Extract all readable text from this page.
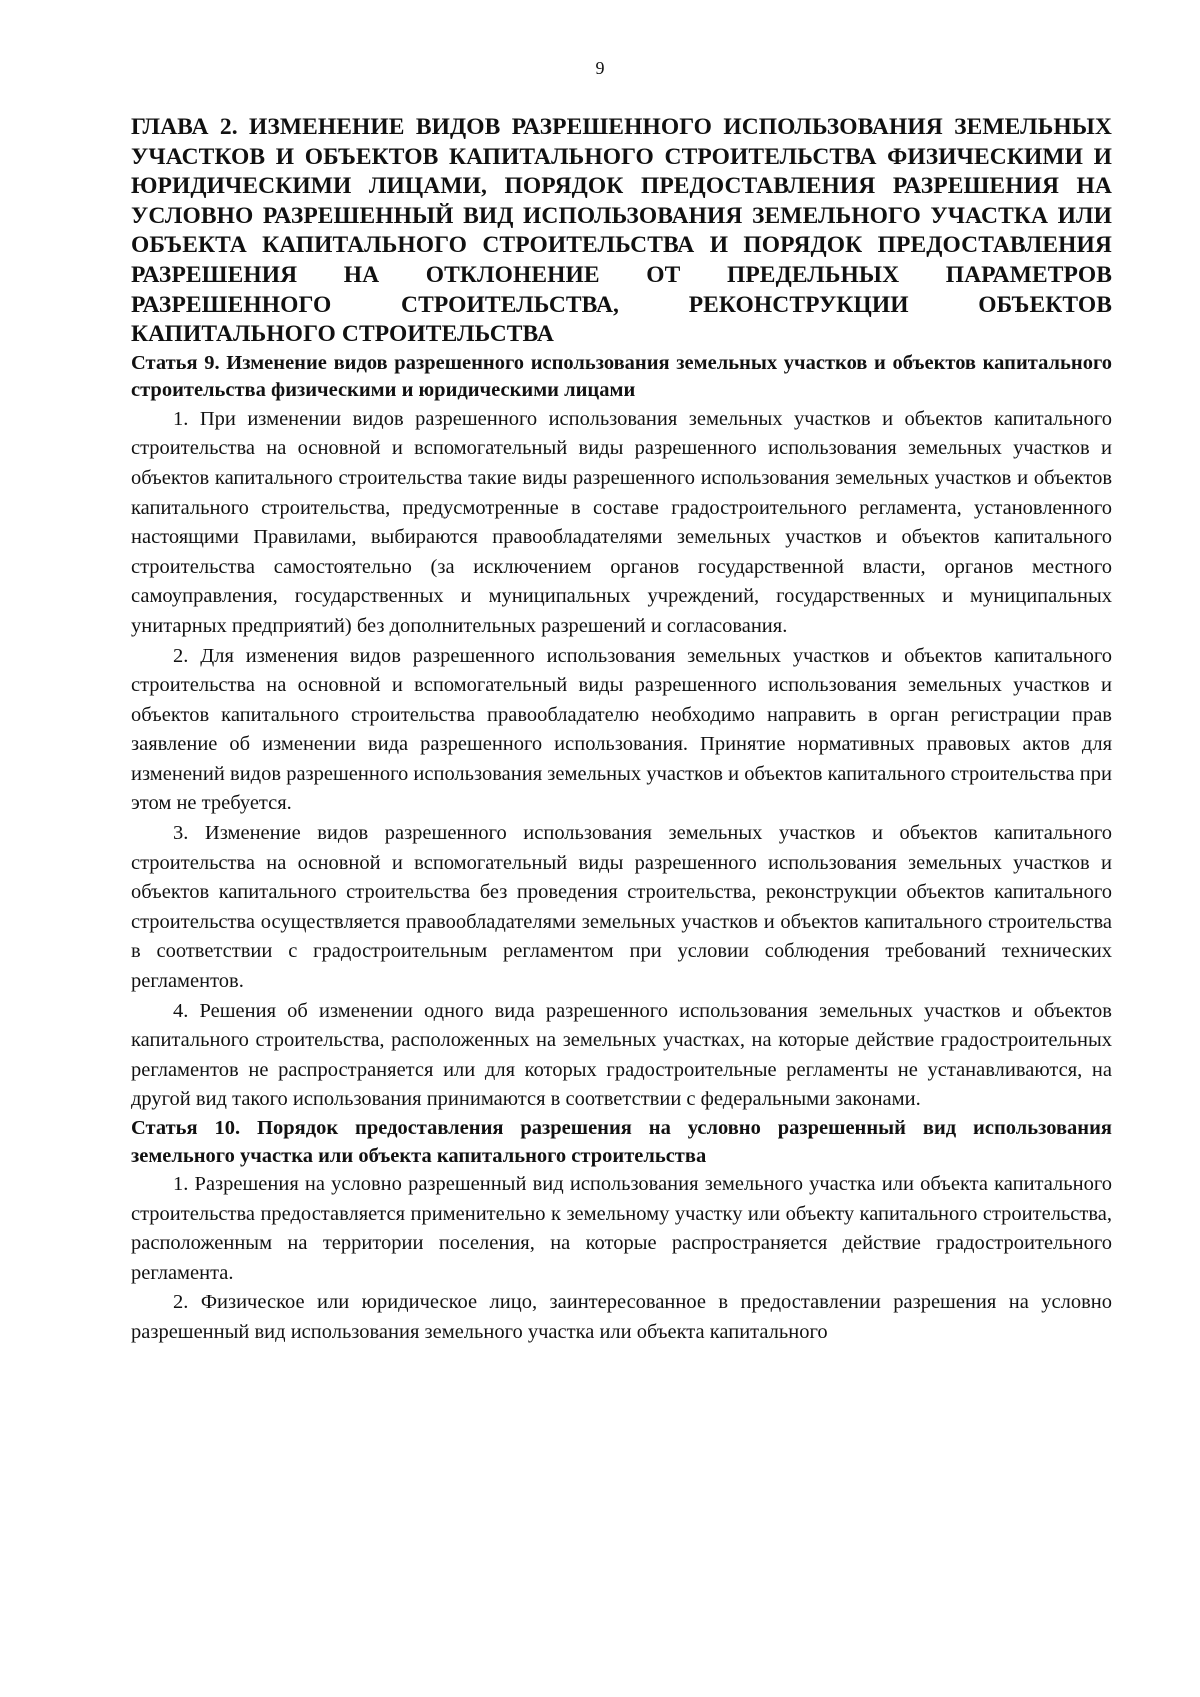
9

ГЛАВА 2. ИЗМЕНЕНИЕ ВИДОВ РАЗРЕШЕННОГО ИСПОЛЬЗОВАНИЯ ЗЕМЕЛЬНЫХ УЧАСТКОВ И ОБЪЕКТОВ КАПИТАЛЬНОГО СТРОИТЕЛЬСТВА ФИЗИЧЕСКИМИ И ЮРИДИЧЕСКИМИ ЛИЦАМИ, ПОРЯДОК ПРЕДОСТАВЛЕНИЯ РАЗРЕШЕНИЯ НА УСЛОВНО РАЗРЕШЕННЫЙ ВИД ИСПОЛЬЗОВАНИЯ ЗЕМЕЛЬНОГО УЧАСТКА ИЛИ ОБЪЕКТА КАПИТАЛЬНОГО СТРОИТЕЛЬСТВА И ПОРЯДОК ПРЕДОСТАВЛЕНИЯ РАЗРЕШЕНИЯ НА ОТКЛОНЕНИЕ ОТ ПРЕДЕЛЬНЫХ ПАРАМЕТРОВ РАЗРЕШЕННОГО СТРОИТЕЛЬСТВА, РЕКОНСТРУКЦИИ ОБЪЕКТОВ КАПИТАЛЬНОГО СТРОИТЕЛЬСТВА

Статья 9. Изменение видов разрешенного использования земельных участков и объектов капитального строительства физическими и юридическими лицами

1. При изменении видов разрешенного использования земельных участков и объектов капитального строительства на основной и вспомогательный виды разрешенного использования земельных участков и объектов капитального строительства такие виды разрешенного использования земельных участков и объектов капитального строительства, предусмотренные в составе градостроительного регламента, установленного настоящими Правилами, выбираются правообладателями земельных участков и объектов капитального строительства самостоятельно (за исключением органов государственной власти, органов местного самоуправления, государственных и муниципальных учреждений, государственных и муниципальных унитарных предприятий) без дополнительных разрешений и согласования.

2. Для изменения видов разрешенного использования земельных участков и объектов капитального строительства на основной и вспомогательный виды разрешенного использования земельных участков и объектов капитального строительства правообладателю необходимо направить в орган регистрации прав заявление об изменении вида разрешенного использования. Принятие нормативных правовых актов для изменений видов разрешенного использования земельных участков и объектов капитального строительства при этом не требуется.

3. Изменение видов разрешенного использования земельных участков и объектов капитального строительства на основной и вспомогательный виды разрешенного использования земельных участков и объектов капитального строительства без проведения строительства, реконструкции объектов капитального строительства осуществляется правообладателями земельных участков и объектов капитального строительства в соответствии с градостроительным регламентом при условии соблюдения требований технических регламентов.

4. Решения об изменении одного вида разрешенного использования земельных участков и объектов капитального строительства, расположенных на земельных участках, на которые действие градостроительных регламентов не распространяется или для которых градостроительные регламенты не устанавливаются, на другой вид такого использования принимаются в соответствии с федеральными законами.

Статья 10. Порядок предоставления разрешения на условно разрешенный вид использования земельного участка или объекта капитального строительства

1. Разрешения на условно разрешенный вид использования земельного участка или объекта капитального строительства предоставляется применительно к земельному участку или объекту капитального строительства, расположенным на территории поселения, на которые распространяется действие градостроительного регламента.

2. Физическое или юридическое лицо, заинтересованное в предоставлении разрешения на условно разрешенный вид использования земельного участка или объекта капитального
